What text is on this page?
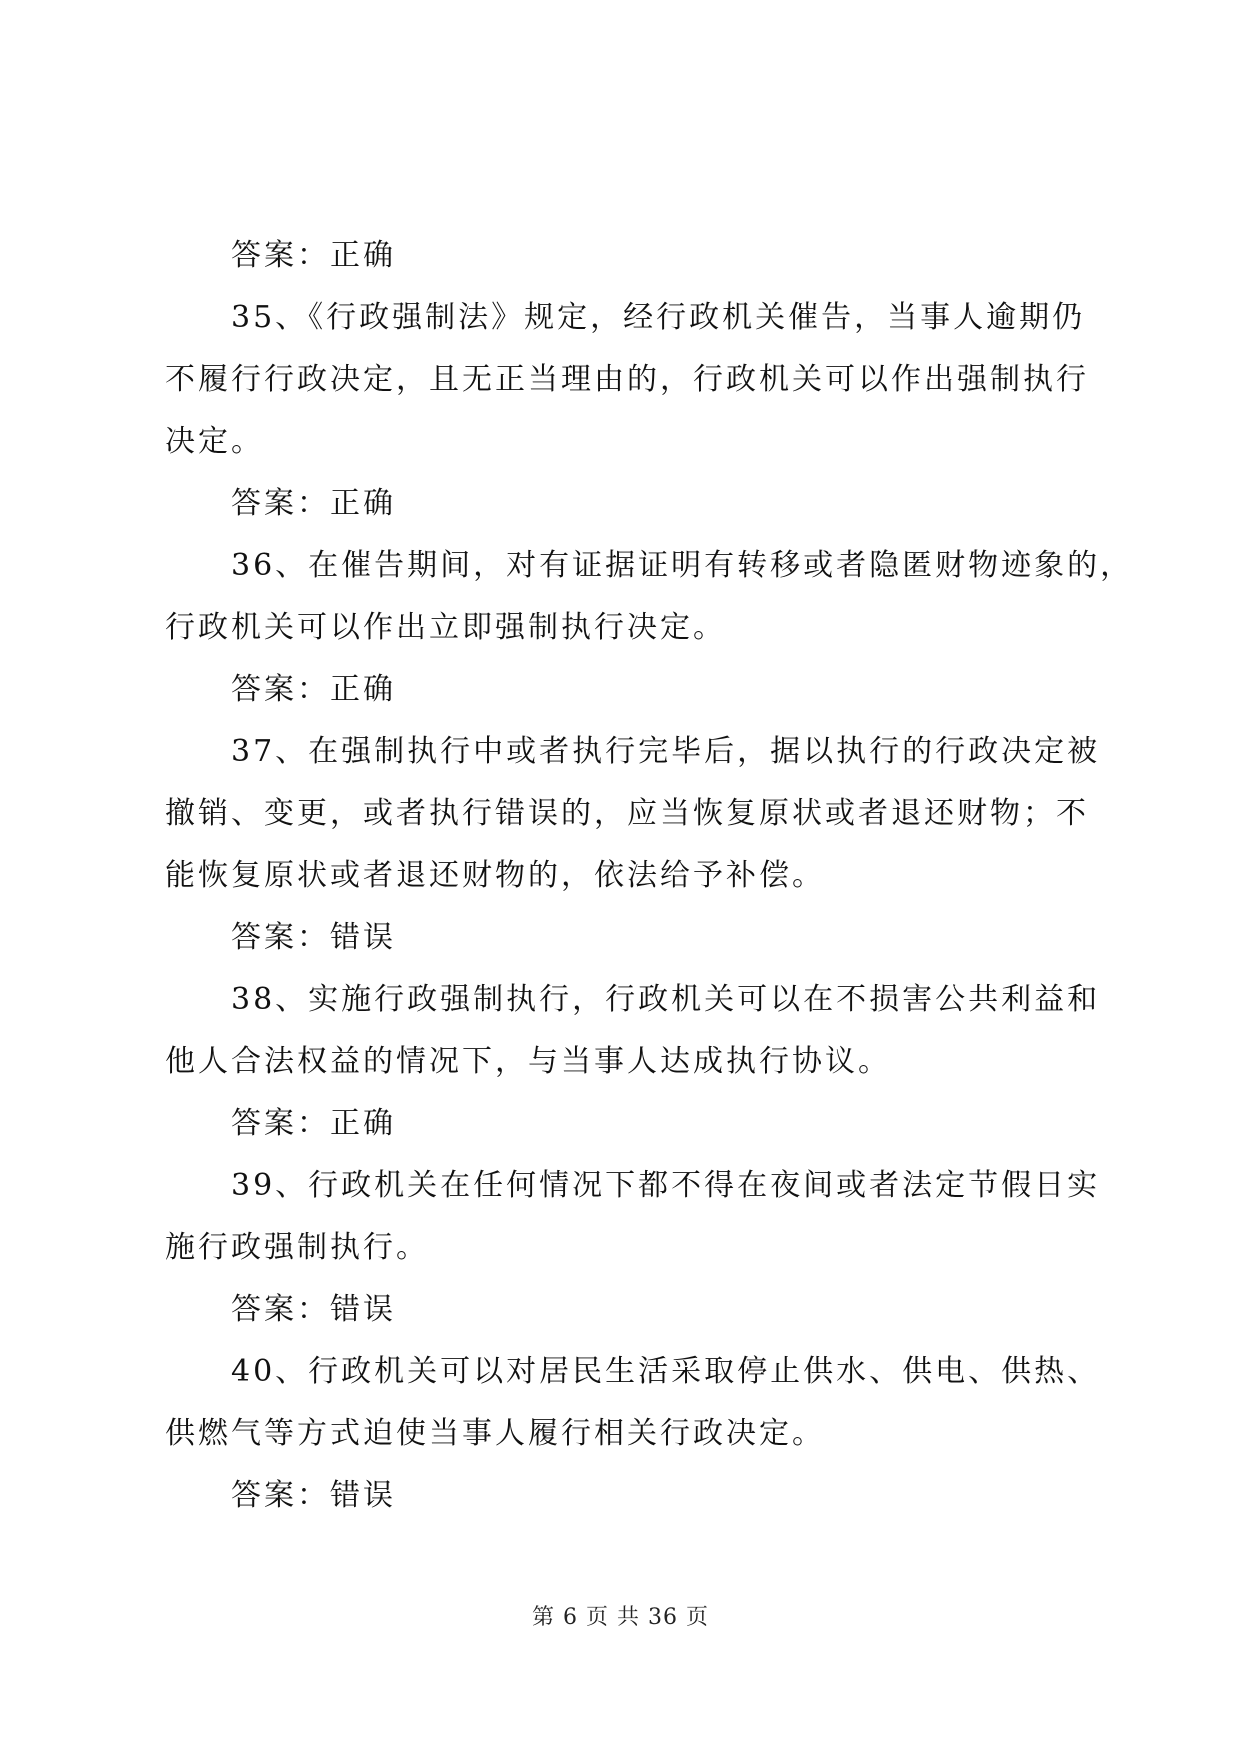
答案：正确
35、《行政强制法》规定，经行政机关催告，当事人逾期仍
不履行行政决定，且无正当理由的，行政机关可以作出强制执行
决定。
答案：正确
36、在催告期间，对有证据证明有转移或者隐匿财物迹象的，
行政机关可以作出立即强制执行决定。
答案：正确
37、在强制执行中或者执行完毕后，据以执行的行政决定被
撤销、变更，或者执行错误的，应当恢复原状或者退还财物；不
能恢复原状或者退还财物的，依法给予补偿。
答案：错误
38、实施行政强制执行，行政机关可以在不损害公共利益和
他人合法权益的情况下，与当事人达成执行协议。
答案：正确
39、行政机关在任何情况下都不得在夜间或者法定节假日实
施行政强制执行。
答案：错误
40、行政机关可以对居民生活采取停止供水、供电、供热、
供燃气等方式迫使当事人履行相关行政决定。
答案：错误
第 6 页 共 36 页
